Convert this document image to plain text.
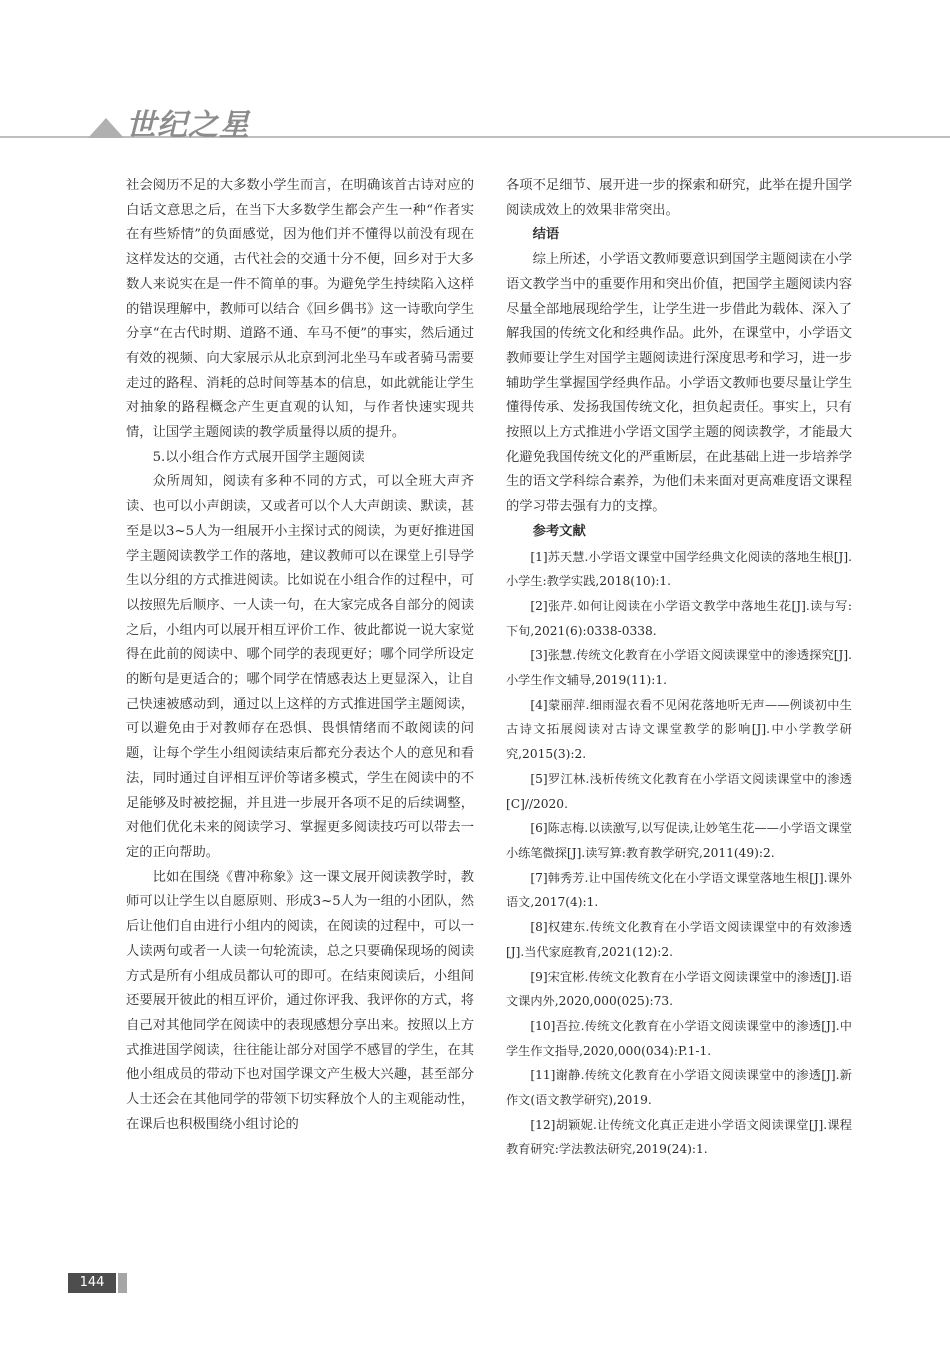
世纪之星

社会阅历不足的大多数小学生而言，在明确该首古诗对应的白话文意思之后，在当下大多数学生都会产生一种“作者实在有些矫情”的负面感觉，因为他们并不懂得以前没有现在这样发达的交通，古代社会的交通十分不便，回乡对于大多数人来说实在是一件不简单的事。为避免学生持续陷入这样的错误理解中，教师可以结合《回乡偶书》这一诗歌向学生分享“在古代时期、道路不通、车马不便”的事实，然后通过有效的视频、向大家展示从北京到河北坐马车或者骑马需要走过的路程、消耗的总时间等基本的信息，如此就能让学生对抽象的路程概念产生更直观的认知，与作者快速实现共情，让国学主题阅读的教学质量得以质的提升。

5.以小组合作方式展开国学主题阅读

众所周知，阅读有多种不同的方式，可以全班大声齐读、也可以小声朗读，又或者可以个人大声朗读、默读，甚至是以3~5人为一组展开小主探讨式的阅读，为更好推进国学主题阅读教学工作的落地，建议教师可以在课堂上引导学生以分组的方式推进阅读。比如说在小组合作的过程中，可以按照先后顺序、一人读一句，在大家完成各自部分的阅读之后，小组内可以展开相互评价工作、彼此都说一说大家觉得在此前的阅读中、哪个同学的表现更好；哪个同学所设定的断句是更适合的；哪个同学在情感表达上更显深入，让自己快速被感动到，通过以上这样的方式推进国学主题阅读，可以避免由于对教师存在恐惧、畏惧情绪而不敢阅读的问题，让每个学生小组阅读结束后都充分表达个人的意见和看法，同时通过自评相互评价等诸多模式，学生在阅读中的不足能够及时被挖掘，并且进一步展开各项不足的后续调整，对他们优化未来的阅读学习、掌握更多阅读技巧可以带去一定的正向帮助。

比如在围绕《曹冲称象》这一课文展开阅读教学时，教师可以让学生以自愿原则、形成3~5人为一组的小团队，然后让他们自由进行小组内的阅读，在阅读的过程中，可以一人读两句或者一人读一句轮流读，总之只要确保现场的阅读方式是所有小组成员都认可的即可。在结束阅读后，小组间还要展开彼此的相互评价，通过你评我、我评你的方式，将自己对其他同学在阅读中的表现感想分享出来。按照以上方式推进国学阅读，往往能让部分对国学不感冒的学生，在其他小组成员的带动下也对国学课文产生极大兴趣，甚至部分人士还会在其他同学的带领下切实释放个人的主观能动性，在课后也积极围绕小组讨论的

各项不足细节、展开进一步的探索和研究，此举在提升国学阅读成效上的效果非常突出。

结语

综上所述，小学语文教师要意识到国学主题阅读在小学语文教学当中的重要作用和突出价值，把国学主题阅读内容尽量全部地展现给学生，让学生进一步借此为载体、深入了解我国的传统文化和经典作品。此外，在课堂中，小学语文教师要让学生对国学主题阅读进行深度思考和学习，进一步辅助学生掌握国学经典作品。小学语文教师也要尽量让学生懂得传承、发扬我国传统文化，担负起责任。事实上，只有按照以上方式推进小学语文国学主题的阅读教学，才能最大化避免我国传统文化的严重断层，在此基础上进一步培养学生的语文学科综合素养，为他们未来面对更高难度语文课程的学习带去强有力的支撑。

参考文献

[1]苏天慧.小学语文课堂中国学经典文化阅读的落地生根[J].小学生:教学实践,2018(10):1.

[2]张芹.如何让阅读在小学语文教学中落地生花[J].读与写:下旬,2021(6):0338-0338.

[3]张慧.传统文化教育在小学语文阅读课堂中的渗透探究[J].小学生作文辅导,2019(11):1.

[4]蒙丽萍.细雨湿衣看不见闲花落地听无声——例谈初中生古诗文拓展阅读对古诗文课堂教学的影响[J].中小学教学研究,2015(3):2.

[5]罗江林.浅析传统文化教育在小学语文阅读课堂中的渗透[C]//2020.

[6]陈志梅.以读激写,以写促读,让妙笔生花——小学语文课堂小练笔微探[J].读写算:教育教学研究,2011(49):2.

[7]韩秀芳.让中国传统文化在小学语文课堂落地生根[J].课外语文,2017(4):1.

[8]权建东.传统文化教育在小学语文阅读课堂中的有效渗透[J].当代家庭教育,2021(12):2.

[9]宋宜彬.传统文化教育在小学语文阅读课堂中的渗透[J].语文课内外,2020,000(025):73.

[10]吾拉.传统文化教育在小学语文阅读课堂中的渗透[J].中学生作文指导,2020,000(034):P.1-1.

[11]谢静.传统文化教育在小学语文阅读课堂中的渗透[J].新作文(语文教学研究),2019.

[12]胡颖妮.让传统文化真正走进小学语文阅读课堂[J].课程教育研究:学法教法研究,2019(24):1.

144
